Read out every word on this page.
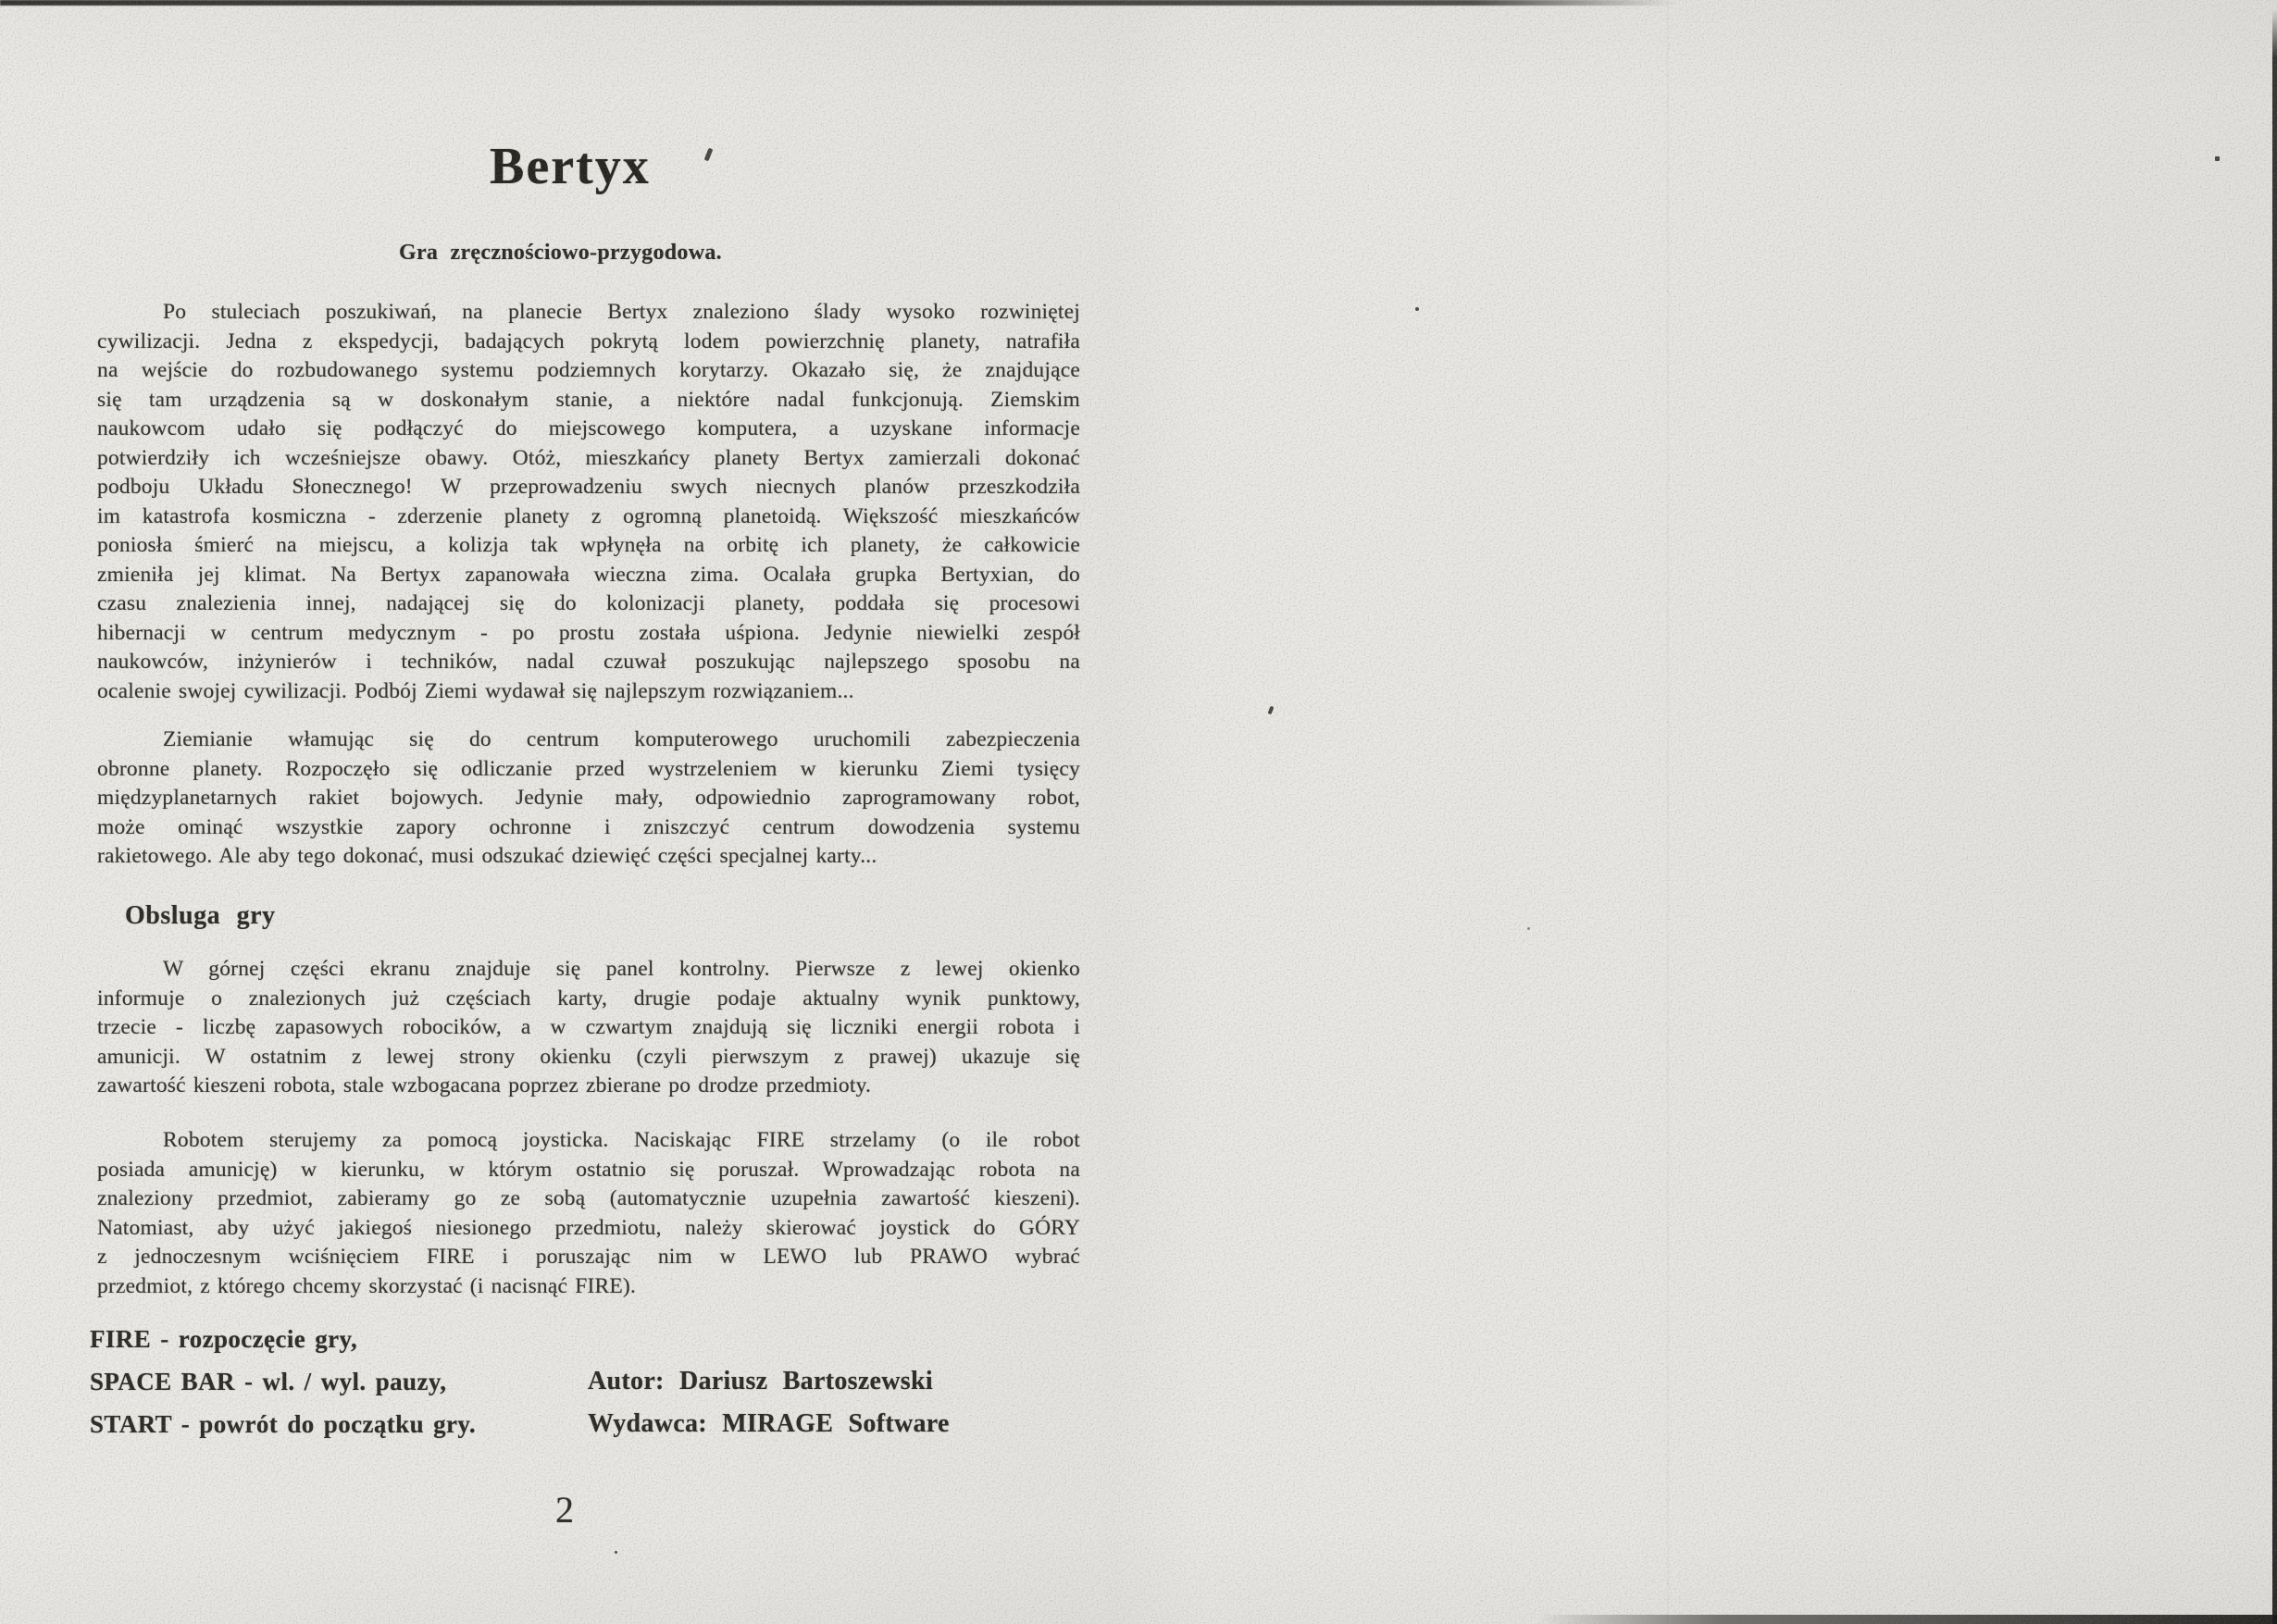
Bertyx
Gra zręcznościowo-przygodowa.
Po stuleciach poszukiwań, na planecie Bertyx znaleziono ślady wysoko rozwiniętej
cywilizacji. Jedna z ekspedycji, badających pokrytą lodem powierzchnię planety, natrafiła
na wejście do rozbudowanego systemu podziemnych korytarzy. Okazało się, że znajdujące
się tam urządzenia są w doskonałym stanie, a niektóre nadal funkcjonują. Ziemskim
naukowcom udało się podłączyć do miejscowego komputera, a uzyskane informacje
potwierdziły ich wcześniejsze obawy. Otóż, mieszkańcy planety Bertyx zamierzali dokonać
podboju Układu Słonecznego! W przeprowadzeniu swych niecnych planów przeszkodziła
im katastrofa kosmiczna - zderzenie planety z ogromną planetoidą. Większość mieszkańców
poniosła śmierć na miejscu, a kolizja tak wpłynęła na orbitę ich planety, że całkowicie
zmieniła jej klimat. Na Bertyx zapanowała wieczna zima. Ocalała grupka Bertyxian, do
czasu znalezienia innej, nadającej się do kolonizacji planety, poddała się procesowi
hibernacji w centrum medycznym - po prostu została uśpiona. Jedynie niewielki zespół
naukowców, inżynierów i techników, nadal czuwał poszukując najlepszego sposobu na
ocalenie swojej cywilizacji. Podbój Ziemi wydawał się najlepszym rozwiązaniem...
Ziemianie włamując się do centrum komputerowego uruchomili zabezpieczenia
obronne planety. Rozpoczęło się odliczanie przed wystrzeleniem w kierunku Ziemi tysięcy
międzyplanetarnych rakiet bojowych. Jedynie mały, odpowiednio zaprogramowany robot,
może ominąć wszystkie zapory ochronne i zniszczyć centrum dowodzenia systemu
rakietowego. Ale aby tego dokonać, musi odszukać dziewięć części specjalnej karty...
Obsluga gry
W górnej części ekranu znajduje się panel kontrolny. Pierwsze z lewej okienko
informuje o znalezionych już częściach karty, drugie podaje aktualny wynik punktowy,
trzecie - liczbę zapasowych robocików, a w czwartym znajdują się liczniki energii robota i
amunicji. W ostatnim z lewej strony okienku (czyli pierwszym z prawej) ukazuje się
zawartość kieszeni robota, stale wzbogacana poprzez zbierane po drodze przedmioty.
Robotem sterujemy za pomocą joysticka. Naciskając FIRE strzelamy (o ile robot
posiada amunicję) w kierunku, w którym ostatnio się poruszał. Wprowadzając robota na
znaleziony przedmiot, zabieramy go ze sobą (automatycznie uzupełnia zawartość kieszeni).
Natomiast, aby użyć jakiegoś niesionego przedmiotu, należy skierować joystick do GÓRY
z jednoczesnym wciśnięciem FIRE i poruszając nim w LEWO lub PRAWO wybrać
przedmiot, z którego chcemy skorzystać (i nacisnąć FIRE).
FIRE - rozpoczęcie gry,
SPACE BAR - wl. / wyl. pauzy,
START - powrót do początku gry.
Autor: Dariusz Bartoszewski
Wydawca: MIRAGE Software
2
